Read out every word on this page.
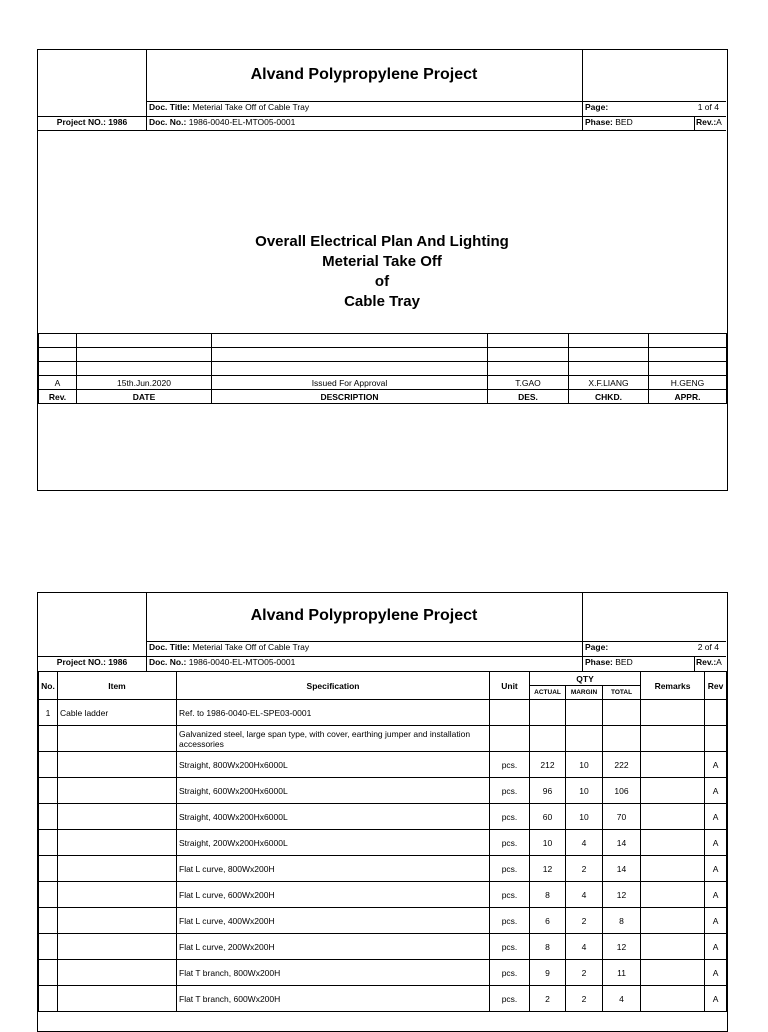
Alvand Polypropylene Project
Doc. Title: Meterial Take Off of Cable Tray	Page:	1 of 4
Project NO.: 1986	Doc. No.: 1986-0040-EL-MTO05-0001	Phase: BED	Rev.:A
Overall Electrical Plan And Lighting
Meterial Take Off
of
Cable Tray

A	15th.Jun.2020	Issued For Approval	T.GAO	X.F.LIANG	H.GENG
Rev.	DATE	DESCRIPTION	DES.	CHKD.	APPR.
Alvand Polypropylene Project
Doc. Title: Meterial Take Off of Cable Tray	Page:	2 of 4
Project NO.: 1986	Doc. No.: 1986-0040-EL-MTO05-0001	Phase: BED	Rev.:A
No.	Item	Specification	Unit	QTY			Remarks	Rev
				ACTUAL	MARGIN	TOTAL		
1	Cable ladder	Ref. to 1986-0040-EL-SPE03-0001						
		Galvanized steel, large span type, with cover, earthing jumper and installation accessories						
		Straight, 800Wx200Hx6000L	pcs.	212	10	222		A
		Straight, 600Wx200Hx6000L	pcs.	96	10	106		A
		Straight, 400Wx200Hx6000L	pcs.	60	10	70		A
		Straight, 200Wx200Hx6000L	pcs.	10	4	14		A
		Flat L curve, 800Wx200H	pcs.	12	2	14		A
		Flat L curve, 600Wx200H	pcs.	8	4	12		A
		Flat L curve, 400Wx200H	pcs.	6	2	8		A
		Flat L curve, 200Wx200H	pcs.	8	4	12		A
		Flat T branch, 800Wx200H	pcs.	9	2	11		A
		Flat T branch, 600Wx200H	pcs.	2	2	4		A
